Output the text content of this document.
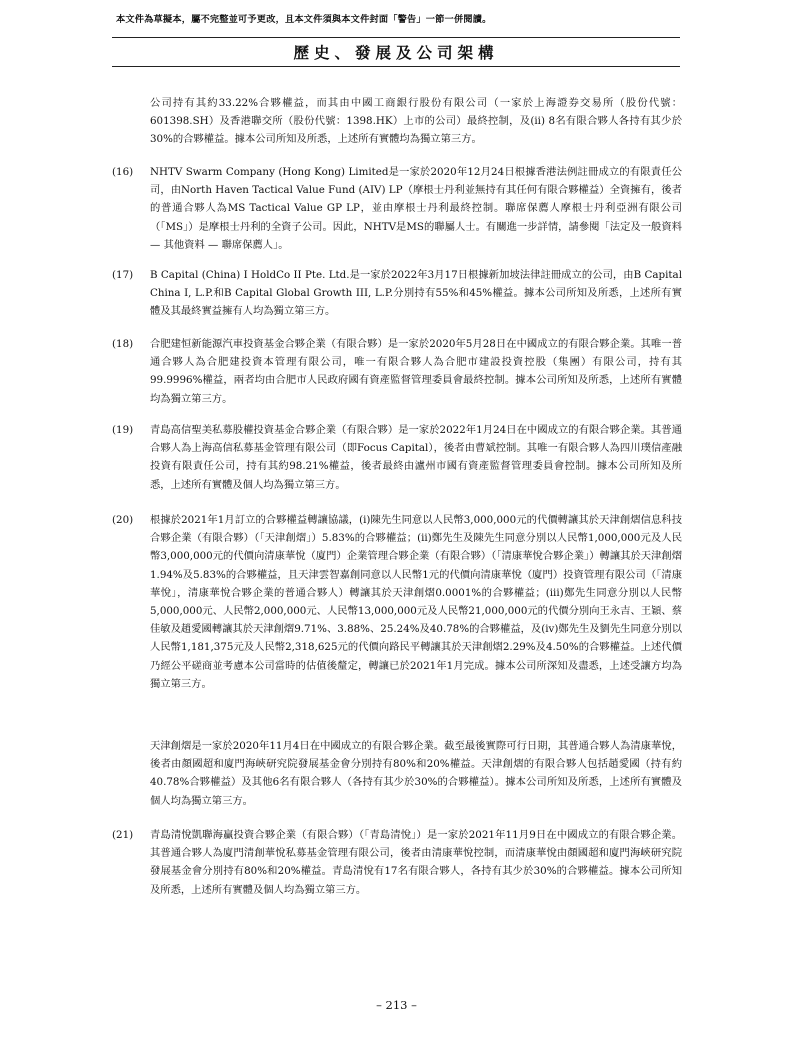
本文件為草擬本，屬不完整並可予更改，且本文件須與本文件封面「警告」一節一併閱讀。
歷史、發展及公司架構

公司持有其約33.22%合夥權益，而其由中國工商銀行股份有限公司（一家於上海證券交易所（股份代號：601398.SH）及香港聯交所（股份代號：1398.HK）上市的公司）最終控制，及(ii) 8名有限合夥人各持有其少於30%的合夥權益。據本公司所知及所悉，上述所有實體均為獨立第三方。

(16)	NHTV Swarm Company (Hong Kong) Limited是一家於2020年12月24日根據香港法例註冊成立的有限責任公司，由North Haven Tactical Value Fund (AIV) LP（摩根士丹利並無持有其任何有限合夥權益）全資擁有，後者的普通合夥人為MS Tactical Value GP LP，並由摩根士丹利最終控制。聯席保薦人摩根士丹利亞洲有限公司（「MS」）是摩根士丹利的全資子公司。因此，NHTV是MS的聯屬人士。有關進一步詳情，請參閱「法定及一般資料 — 其他資料 — 聯席保薦人」。

(17)	B Capital (China) I HoldCo II Pte. Ltd.是一家於2022年3月17日根據新加坡法律註冊成立的公司，由B Capital China I, L.P.和B Capital Global Growth III, L.P.分別持有55%和45%權益。據本公司所知及所悉，上述所有實體及其最終實益擁有人均為獨立第三方。

(18)	合肥建恒新能源汽車投資基金合夥企業（有限合夥）是一家於2020年5月28日在中國成立的有限合夥企業。其唯一普通合夥人為合肥建投資本管理有限公司，唯一有限合夥人為合肥市建設投資控股（集團）有限公司，持有其99.9996%權益，兩者均由合肥市人民政府國有資產監督管理委員會最終控制。據本公司所知及所悉，上述所有實體均為獨立第三方。

(19)	青島高信聖美私募股權投資基金合夥企業（有限合夥）是一家於2022年1月24日在中國成立的有限合夥企業。其普通合夥人為上海高信私募基金管理有限公司（即Focus Capital），後者由曹斌控制。其唯一有限合夥人為四川璞信產融投資有限責任公司，持有其約98.21%權益，後者最終由瀘州市國有資產監督管理委員會控制。據本公司所知及所悉，上述所有實體及個人均為獨立第三方。

(20)	根據於2021年1月訂立的合夥權益轉讓協議，(i)陳先生同意以人民幣3,000,000元的代價轉讓其於天津創熠信息科技合夥企業（有限合夥）（「天津創熠」）5.83%的合夥權益；(ii)鄭先生及陳先生同意分別以人民幣1,000,000元及人民幣3,000,000元的代價向清康華悅（廈門）企業管理合夥企業（有限合夥）（「清康華悅合夥企業」）轉讓其於天津創熠1.94%及5.83%的合夥權益，且天津雲智嘉創同意以人民幣1元的代價向清康華悅（廈門）投資管理有限公司（「清康華悅」，清康華悅合夥企業的普通合夥人）轉讓其於天津創熠0.0001%的合夥權益；(iii)鄭先生同意分別以人民幣5,000,000元、人民幣2,000,000元、人民幣13,000,000元及人民幣21,000,000元的代價分別向王永吉、王穎、蔡佳敏及趙愛國轉讓其於天津創熠9.71%、3.88%、25.24%及40.78%的合夥權益，及(iv)鄭先生及劉先生同意分別以人民幣1,181,375元及人民幣2,318,625元的代價向路民平轉讓其於天津創熠2.29%及4.50%的合夥權益。上述代價乃經公平磋商並考慮本公司當時的估值後釐定，轉讓已於2021年1月完成。據本公司所深知及盡悉，上述受讓方均為獨立第三方。

天津創熠是一家於2020年11月4日在中國成立的有限合夥企業。截至最後實際可行日期，其普通合夥人為清康華悅，後者由顏國超和廈門海峽研究院發展基金會分別持有80%和20%權益。天津創熠的有限合夥人包括趙愛國（持有約40.78%合夥權益）及其他6名有限合夥人（各持有其少於30%的合夥權益）。據本公司所知及所悉，上述所有實體及個人均為獨立第三方。

(21)	青島清悅凱聯海贏投資合夥企業（有限合夥）（「青島清悅」）是一家於2021年11月9日在中國成立的有限合夥企業。其普通合夥人為廈門清創華悅私募基金管理有限公司，後者由清康華悅控制，而清康華悅由顏國超和廈門海峽研究院發展基金會分別持有80%和20%權益。青島清悅有17名有限合夥人，各持有其少於30%的合夥權益。據本公司所知及所悉，上述所有實體及個人均為獨立第三方。

– 213 –
